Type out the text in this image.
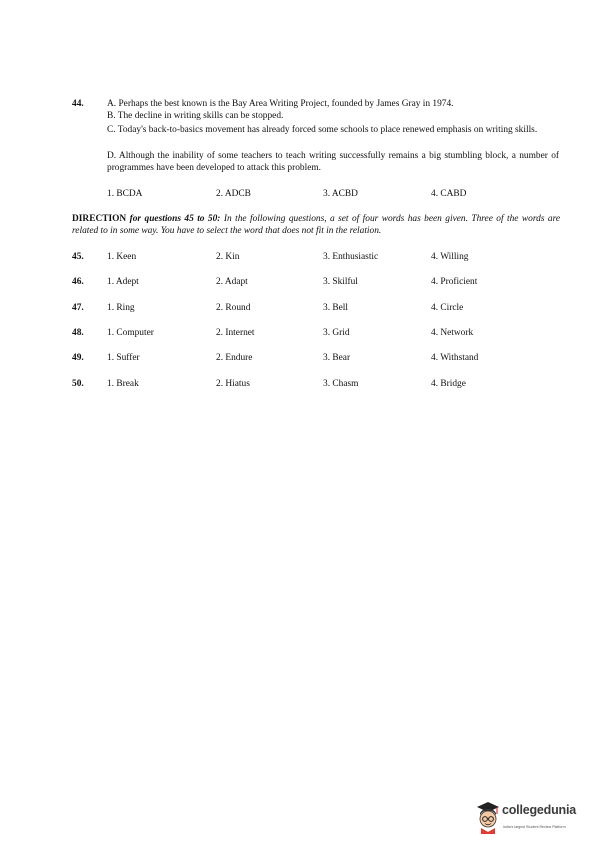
44. A. Perhaps the best known is the Bay Area Writing Project, founded by James Gray in 1974.
B. The decline in writing skills can be stopped.
C. Today's back-to-basics movement has already forced some schools to place renewed emphasis on writing skills.
D. Although the inability of some teachers to teach writing successfully remains a big stumbling block, a number of programmes have been developed to attack this problem.
1. BCDA	2. ADCB	3. ACBD	4. CABD
DIRECTION for questions 45 to 50: In the following questions, a set of four words has been given. Three of the words are related to in some way. You have to select the word that does not fit in the relation.
45. 1. Keen	2. Kin	3. Enthusiastic	4. Willing
46. 1. Adept	2. Adapt	3. Skilful	4. Proficient
47. 1. Ring	2. Round	3. Bell	4. Circle
48. 1. Computer	2. Internet	3. Grid	4. Network
49. 1. Suffer	2. Endure	3. Bear	4. Withstand
50. 1. Break	2. Hiatus	3. Chasm	4. Bridge
collegedunia
India's largest Student Review Platform
